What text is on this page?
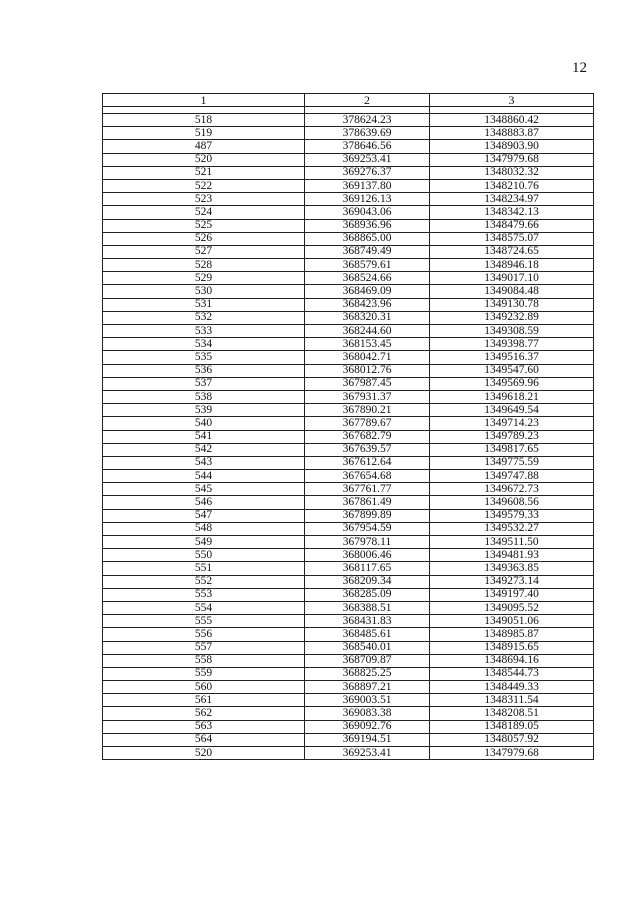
12
1	2	3

518	378624.23	1348860.42
519	378639.69	1348883.87
487	378646.56	1348903.90
520	369253.41	1347979.68
521	369276.37	1348032.32
522	369137.80	1348210.76
523	369126.13	1348234.97
524	369043.06	1348342.13
525	368936.96	1348479.66
526	368865.00	1348575.07
527	368749.49	1348724.65
528	368579.61	1348946.18
529	368524.66	1349017.10
530	368469.09	1349084.48
531	368423.96	1349130.78
532	368320.31	1349232.89
533	368244.60	1349308.59
534	368153.45	1349398.77
535	368042.71	1349516.37
536	368012.76	1349547.60
537	367987.45	1349569.96
538	367931.37	1349618.21
539	367890.21	1349649.54
540	367789.67	1349714.23
541	367682.79	1349789.23
542	367639.57	1349817.65
543	367612.64	1349775.59
544	367654.68	1349747.88
545	367761.77	1349672.73
546	367861.49	1349608.56
547	367899.89	1349579.33
548	367954.59	1349532.27
549	367978.11	1349511.50
550	368006.46	1349481.93
551	368117.65	1349363.85
552	368209.34	1349273.14
553	368285.09	1349197.40
554	368388.51	1349095.52
555	368431.83	1349051.06
556	368485.61	1348985.87
557	368540.01	1348915.65
558	368709.87	1348694.16
559	368825.25	1348544.73
560	368897.21	1348449.33
561	369003.51	1348311.54
562	369083.38	1348208.51
563	369092.76	1348189.05
564	369194.51	1348057.92
520	369253.41	1347979.68
